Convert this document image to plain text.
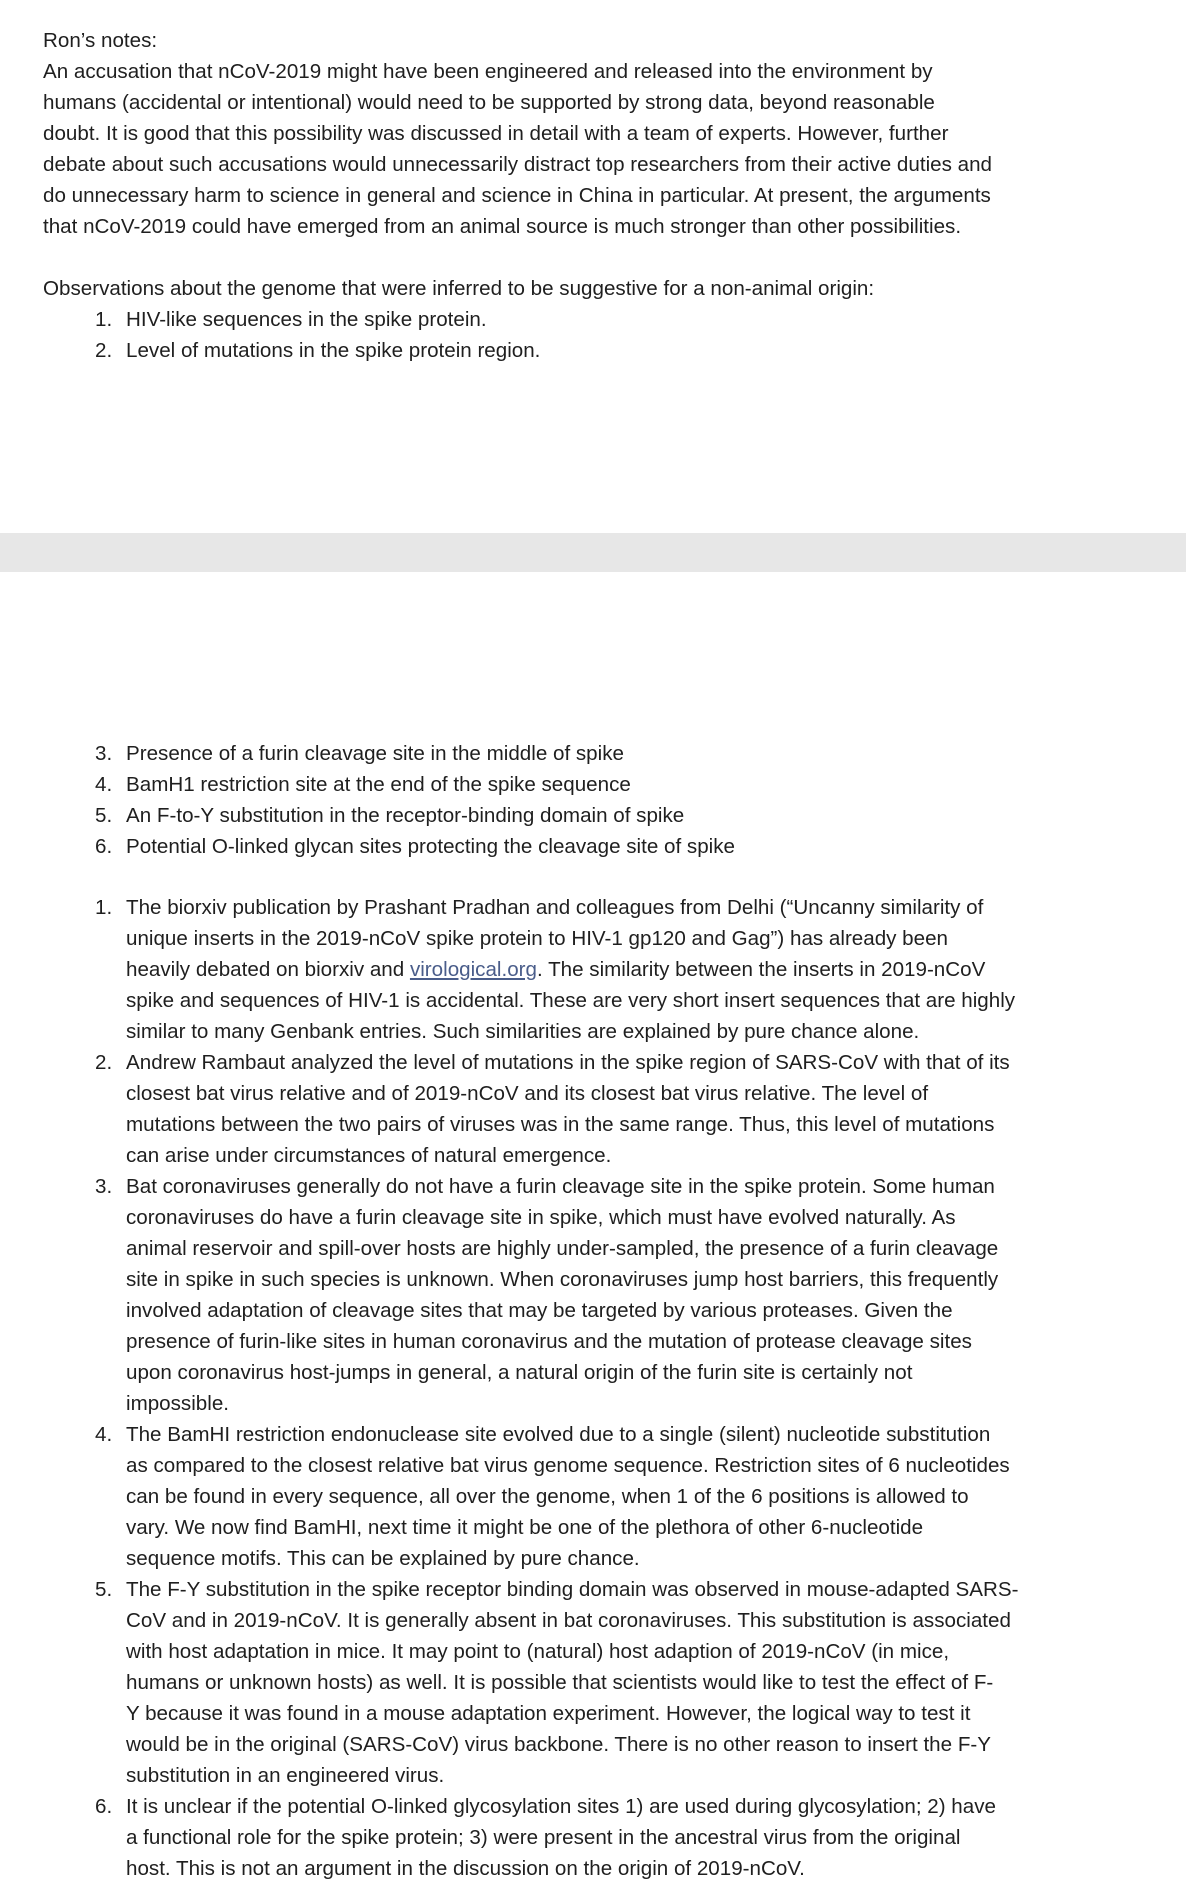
Ron’s notes:
An accusation that nCoV-2019 might have been engineered and released into the environment by
humans (accidental or intentional) would need to be supported by strong data, beyond reasonable
doubt. It is good that this possibility was discussed in detail with a team of experts. However, further
debate about such accusations would unnecessarily distract top researchers from their active duties and
do unnecessary harm to science in general and science in China in particular. At present, the arguments
that nCoV-2019 could have emerged from an animal source is much stronger than other possibilities.
Observations about the genome that were inferred to be suggestive for a non-animal origin:
1. HIV-like sequences in the spike protein.
2. Level of mutations in the spike protein region.
3. Presence of a furin cleavage site in the middle of spike
4. BamH1 restriction site at the end of the spike sequence
5. An F-to-Y substitution in the receptor-binding domain of spike
6. Potential O-linked glycan sites protecting the cleavage site of spike
1. The biorxiv publication by Prashant Pradhan and colleagues from Delhi (“Uncanny similarity of
unique inserts in the 2019-nCoV spike protein to HIV-1 gp120 and Gag”) has already been
heavily debated on biorxiv and virological.org. The similarity between the inserts in 2019-nCoV
spike and sequences of HIV-1 is accidental. These are very short insert sequences that are highly
similar to many Genbank entries. Such similarities are explained by pure chance alone.
2. Andrew Rambaut analyzed the level of mutations in the spike region of SARS-CoV with that of its
closest bat virus relative and of 2019-nCoV and its closest bat virus relative. The level of
mutations between the two pairs of viruses was in the same range. Thus, this level of mutations
can arise under circumstances of natural emergence.
3. Bat coronaviruses generally do not have a furin cleavage site in the spike protein. Some human
coronaviruses do have a furin cleavage site in spike, which must have evolved naturally. As
animal reservoir and spill-over hosts are highly under-sampled, the presence of a furin cleavage
site in spike in such species is unknown. When coronaviruses jump host barriers, this frequently
involved adaptation of cleavage sites that may be targeted by various proteases. Given the
presence of furin-like sites in human coronavirus and the mutation of protease cleavage sites
upon coronavirus host-jumps in general, a natural origin of the furin site is certainly not
impossible.
4. The BamHI restriction endonuclease site evolved due to a single (silent) nucleotide substitution
as compared to the closest relative bat virus genome sequence. Restriction sites of 6 nucleotides
can be found in every sequence, all over the genome, when 1 of the 6 positions is allowed to
vary. We now find BamHI, next time it might be one of the plethora of other 6-nucleotide
sequence motifs. This can be explained by pure chance.
5. The F-Y substitution in the spike receptor binding domain was observed in mouse-adapted SARS-
CoV and in 2019-nCoV. It is generally absent in bat coronaviruses. This substitution is associated
with host adaptation in mice. It may point to (natural) host adaption of 2019-nCoV (in mice,
humans or unknown hosts) as well. It is possible that scientists would like to test the effect of F-
Y because it was found in a mouse adaptation experiment. However, the logical way to test it
would be in the original (SARS-CoV) virus backbone. There is no other reason to insert the F-Y
substitution in an engineered virus.
6. It is unclear if the potential O-linked glycosylation sites 1) are used during glycosylation; 2) have
a functional role for the spike protein; 3) were present in the ancestral virus from the original
host. This is not an argument in the discussion on the origin of 2019-nCoV.
